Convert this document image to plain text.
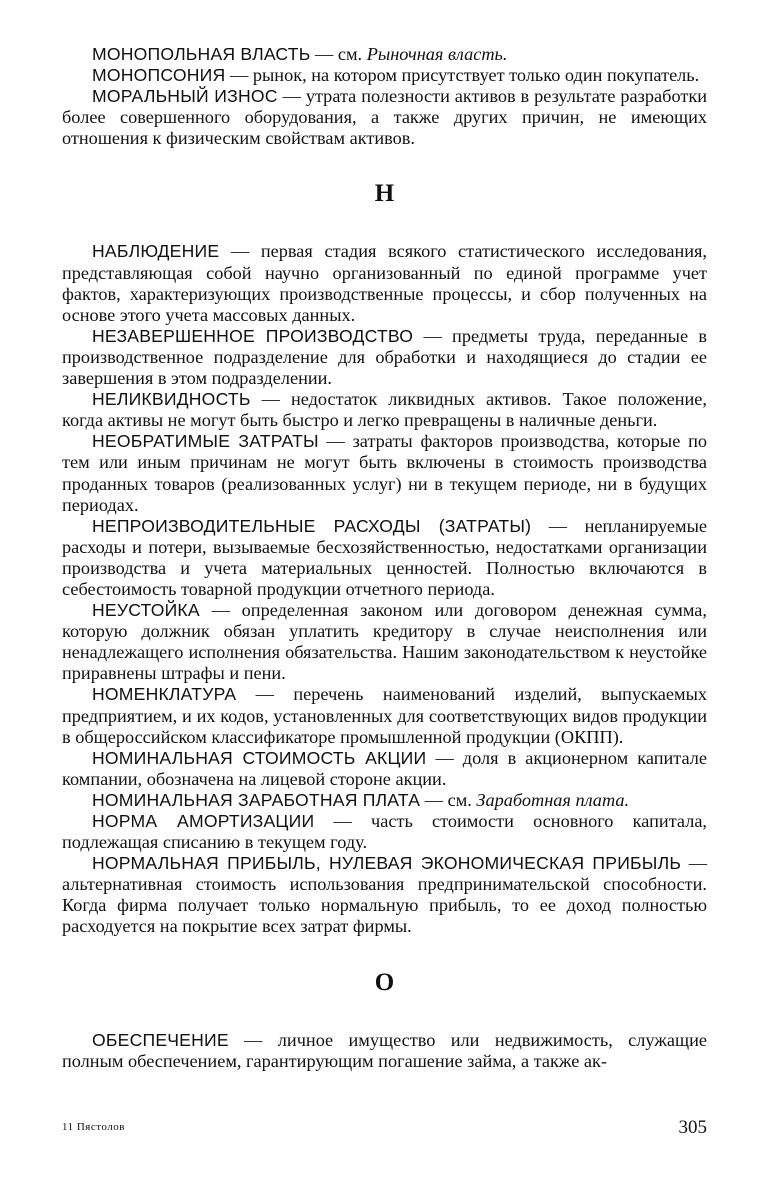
МОНОПОЛЬНАЯ ВЛАСТЬ — см. Рыночная власть.

МОНОПСОНИЯ — рынок, на котором присутствует только один покупатель.

МОРАЛЬНЫЙ ИЗНОС — утрата полезности активов в результате разработки более совершенного оборудования, а также других причин, не имеющих отношения к физическим свойствам активов.

Н

НАБЛЮДЕНИЕ — первая стадия всякого статистического исследования, представляющая собой научно организованный по единой программе учет фактов, характеризующих производственные процессы, и сбор полученных на основе этого учета массовых данных.

НЕЗАВЕРШЕННОЕ ПРОИЗВОДСТВО — предметы труда, переданные в производственное подразделение для обработки и находящиеся до стадии ее завершения в этом подразделении.

НЕЛИКВИДНОСТЬ — недостаток ликвидных активов. Такое положение, когда активы не могут быть быстро и легко превращены в наличные деньги.

НЕОБРАТИМЫЕ ЗАТРАТЫ — затраты факторов производства, которые по тем или иным причинам не могут быть включены в стоимость производства проданных товаров (реализованных услуг) ни в текущем периоде, ни в будущих периодах.

НЕПРОИЗВОДИТЕЛЬНЫЕ РАСХОДЫ (ЗАТРАТЫ) — непланируемые расходы и потери, вызываемые бесхозяйственностью, недостатками организации производства и учета материальных ценностей. Полностью включаются в себестоимость товарной продукции отчетного периода.

НЕУСТОЙКА — определенная законом или договором денежная сумма, которую должник обязан уплатить кредитору в случае неисполнения или ненадлежащего исполнения обязательства. Нашим законодательством к неустойке приравнены штрафы и пени.

НОМЕНКЛАТУРА — перечень наименований изделий, выпускаемых предприятием, и их кодов, установленных для соответствующих видов продукции в общероссийском классификаторе промышленной продукции (ОКПП).

НОМИНАЛЬНАЯ СТОИМОСТЬ АКЦИИ — доля в акционерном капитале компании, обозначена на лицевой стороне акции.

НОМИНАЛЬНАЯ ЗАРАБОТНАЯ ПЛАТА — см. Заработная плата.

НОРМА АМОРТИЗАЦИИ — часть стоимости основного капитала, подлежащая списанию в текущем году.

НОРМАЛЬНАЯ ПРИБЫЛЬ, НУЛЕВАЯ ЭКОНОМИЧЕСКАЯ ПРИБЫЛЬ — альтернативная стоимость использования предпринимательской способности. Когда фирма получает только нормальную прибыль, то ее доход полностью расходуется на покрытие всех затрат фирмы.

О

ОБЕСПЕЧЕНИЕ — личное имущество или недвижимость, служащие полным обеспечением, гарантирующим погашение займа, а также ак-

11 Пястолов	305
